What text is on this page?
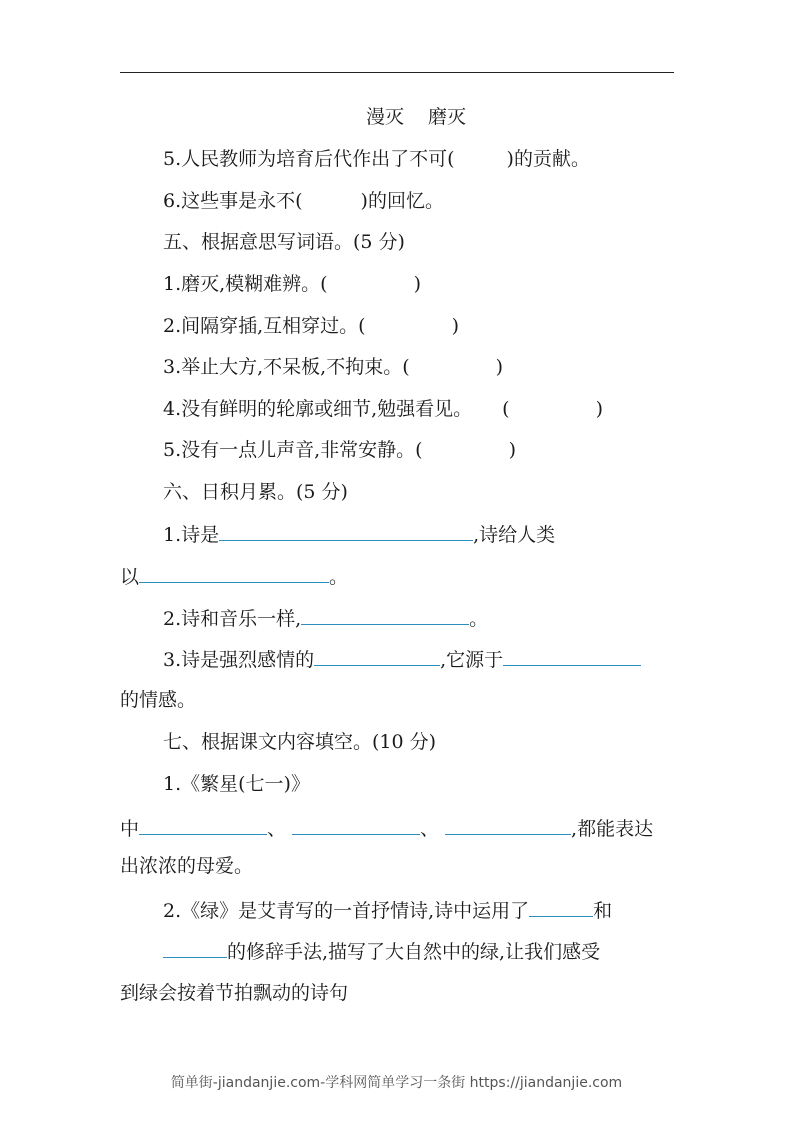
漫灭 磨灭
5.人民教师为培育后代作出了不可(	)的贡献。
6.这些事是永不(	)的回忆。
五、根据意思写词语。(5 分)
1.磨灭,模糊难辨。(	)
2.间隔穿插,互相穿过。(	)
3.举止大方,不呆板,不拘束。(	)
4.没有鲜明的轮廓或细节,勉强看见。 (	)
5.没有一点儿声音,非常安静。(	)
六、日积月累。(5 分)
1.诗是	,诗给人类
以	。
2.诗和音乐一样,	。
3.诗是强烈感情的	,它源于
的情感。
七、根据课文内容填空。(10 分)
1.《繁星(七一)》
中	、	、	,都能表达
出浓浓的母爱。
2.《绿》是艾青写的一首抒情诗,诗中运用了	和
的修辞手法,描写了大自然中的绿,让我们感受
到绿会按着节拍飘动的诗句
简单街-jiandanjie.com-学科网简单学习一条街 https://jiandanjie.com
